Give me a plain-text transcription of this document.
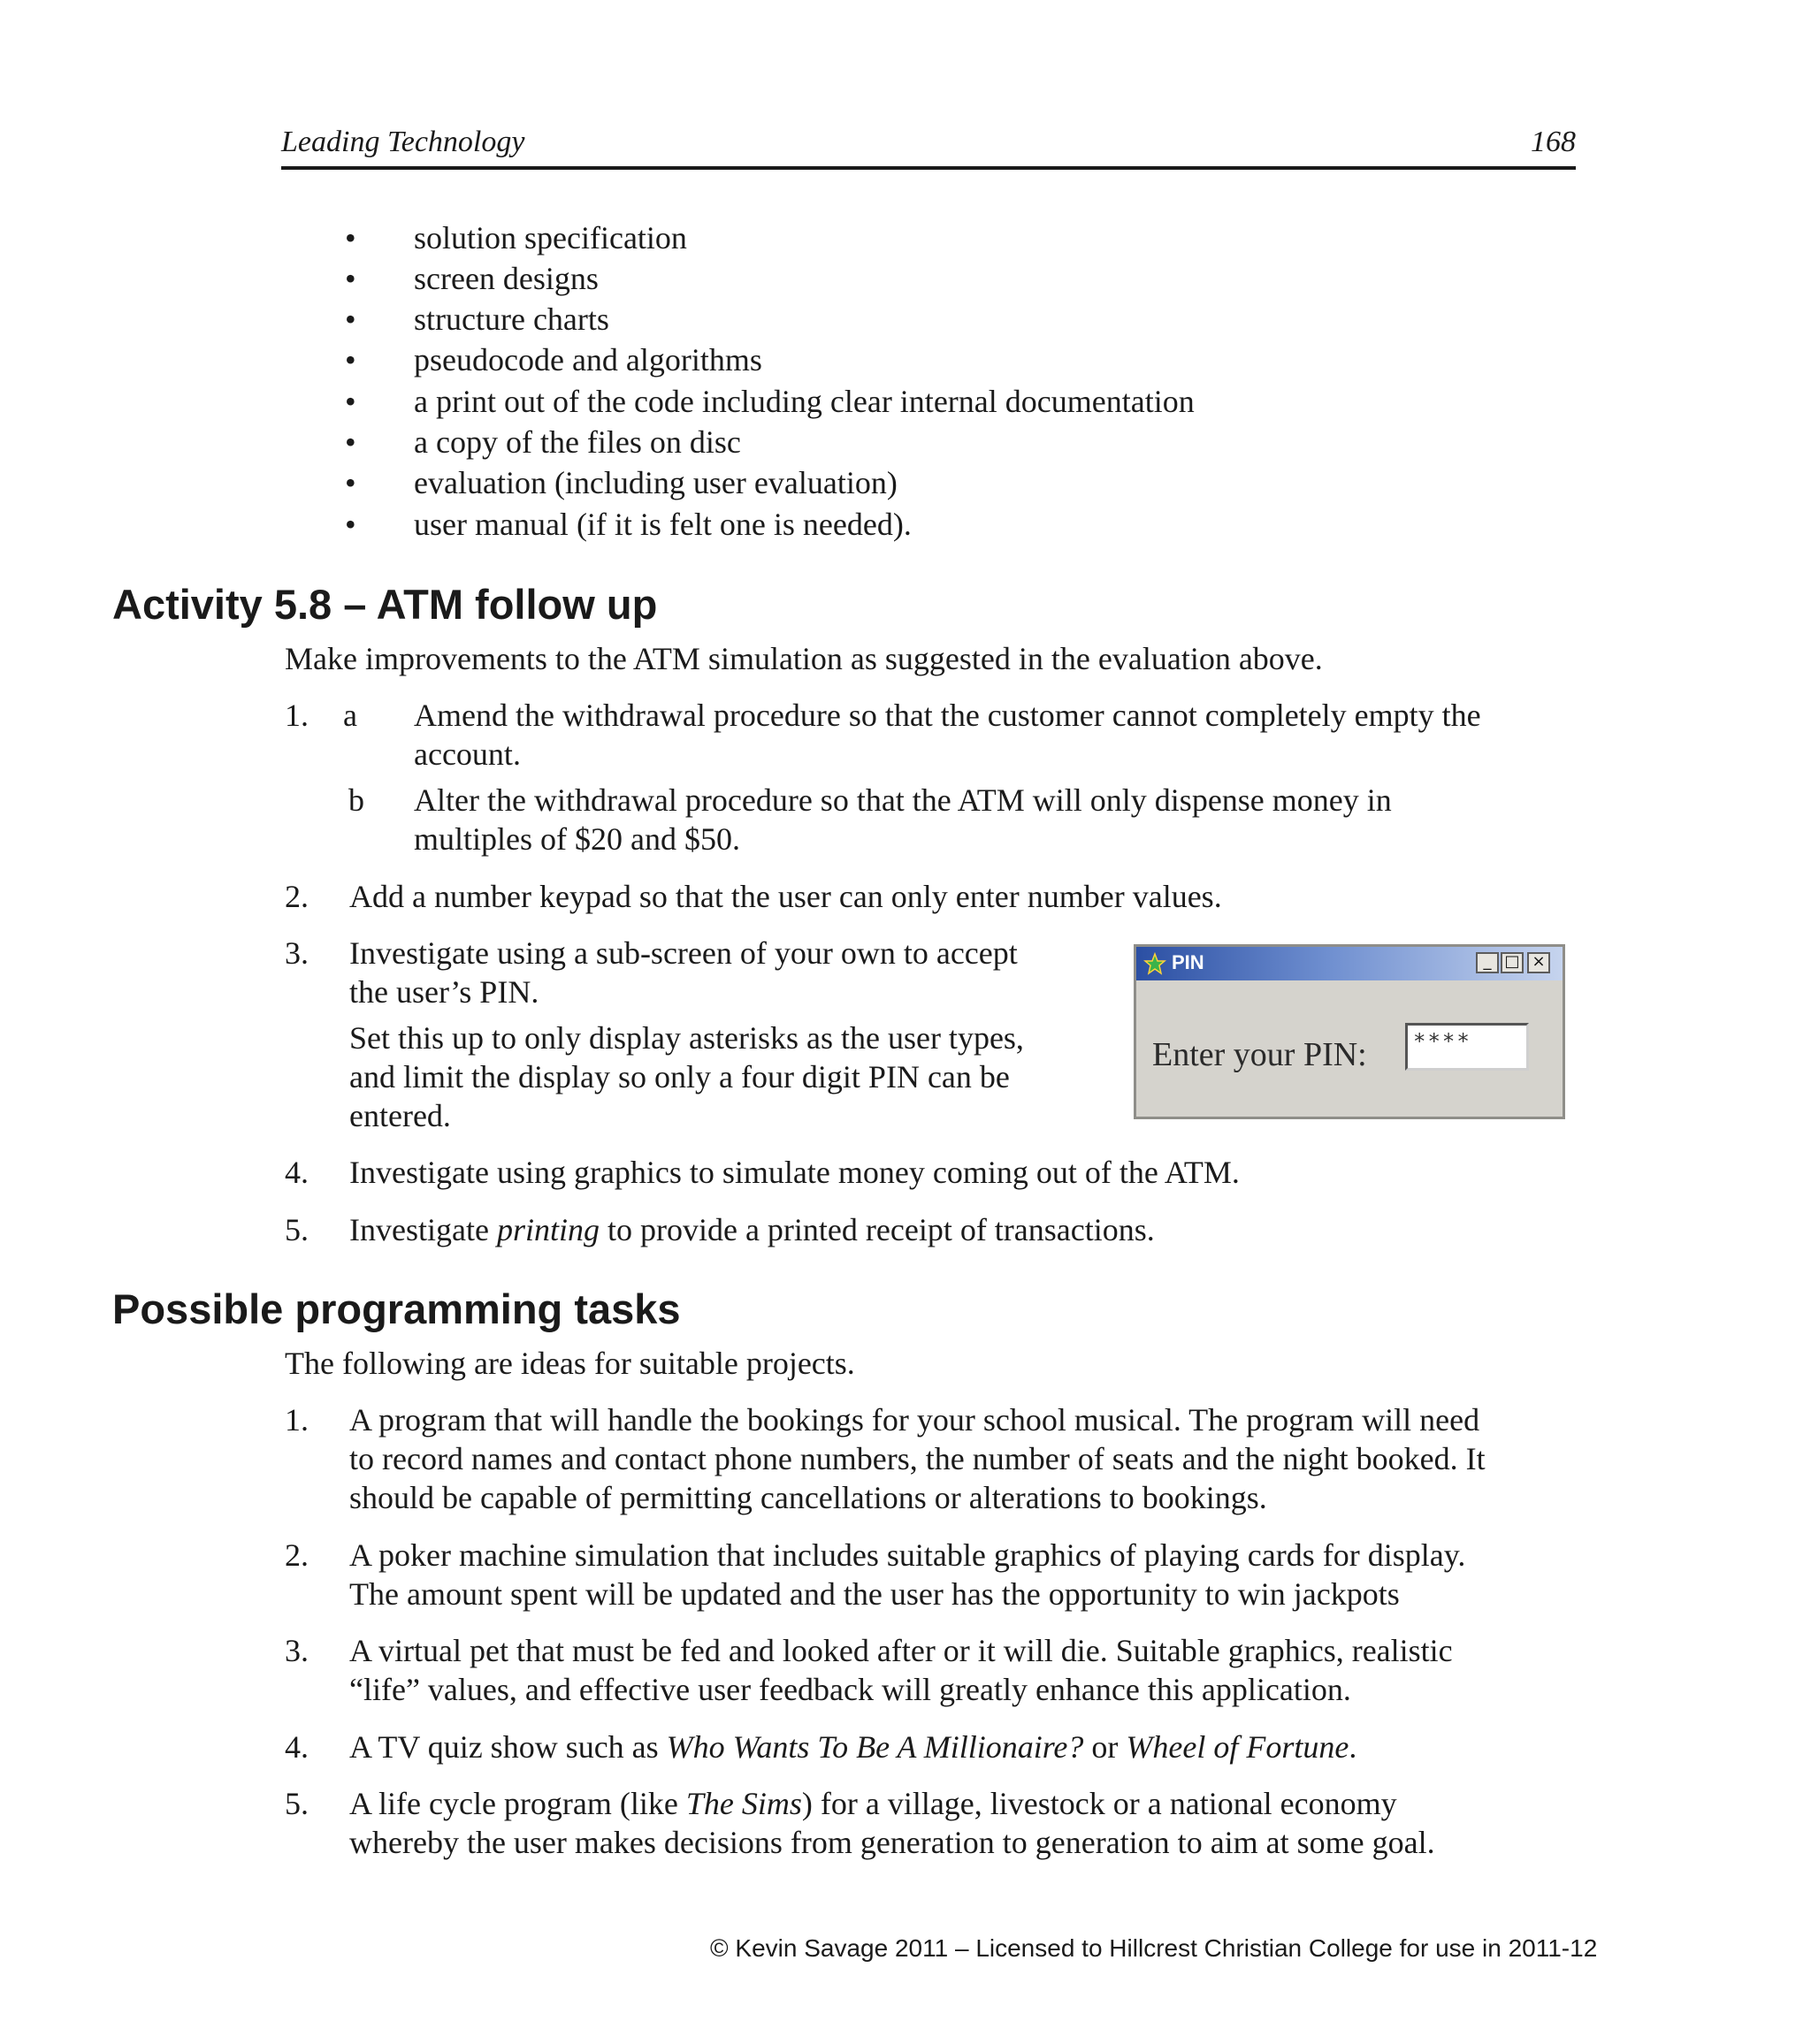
Leading Technology	168
•	solution specification
•	screen designs
•	structure charts
•	pseudocode and algorithms
•	a print out of the code including clear internal documentation
•	a copy of the files on disc
•	evaluation (including user evaluation)
•	user manual (if it is felt one is needed).
Activity 5.8 – ATM follow up
Make improvements to the ATM simulation as suggested in the evaluation above.
1. a Amend the withdrawal procedure so that the customer cannot completely empty the
account.
b Alter the withdrawal procedure so that the ATM will only dispense money in
multiples of $20 and $50.
2. Add a number keypad so that the user can only enter number values.
3. Investigate using a sub-screen of your own to accept
the user’s PIN.
Set this up to only display asterisks as the user types,
and limit the display so only a four digit PIN can be
entered.
PIN	_ □ ×
Enter your PIN:	****
4. Investigate using graphics to simulate money coming out of the ATM.
5. Investigate printing to provide a printed receipt of transactions.
Possible programming tasks
The following are ideas for suitable projects.
1. A program that will handle the bookings for your school musical. The program will need
to record names and contact phone numbers, the number of seats and the night booked. It
should be capable of permitting cancellations or alterations to bookings.
2. A poker machine simulation that includes suitable graphics of playing cards for display.
The amount spent will be updated and the user has the opportunity to win jackpots
3. A virtual pet that must be fed and looked after or it will die. Suitable graphics, realistic
“life” values, and effective user feedback will greatly enhance this application.
4. A TV quiz show such as Who Wants To Be A Millionaire? or Wheel of Fortune.
5. A life cycle program (like The Sims) for a village, livestock or a national economy
whereby the user makes decisions from generation to generation to aim at some goal.
© Kevin Savage 2011 – Licensed to Hillcrest Christian College for use in 2011-12
